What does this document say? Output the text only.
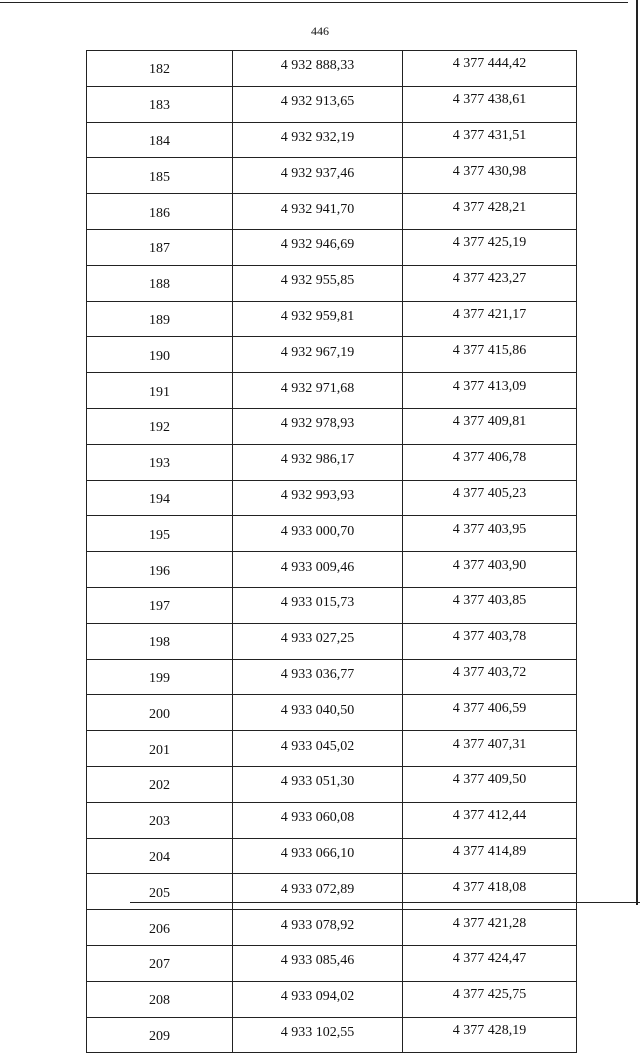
446
182	4 932 888,33	4 377 444,42
183	4 932 913,65	4 377 438,61
184	4 932 932,19	4 377 431,51
185	4 932 937,46	4 377 430,98
186	4 932 941,70	4 377 428,21
187	4 932 946,69	4 377 425,19
188	4 932 955,85	4 377 423,27
189	4 932 959,81	4 377 421,17
190	4 932 967,19	4 377 415,86
191	4 932 971,68	4 377 413,09
192	4 932 978,93	4 377 409,81
193	4 932 986,17	4 377 406,78
194	4 932 993,93	4 377 405,23
195	4 933 000,70	4 377 403,95
196	4 933 009,46	4 377 403,90
197	4 933 015,73	4 377 403,85
198	4 933 027,25	4 377 403,78
199	4 933 036,77	4 377 403,72
200	4 933 040,50	4 377 406,59
201	4 933 045,02	4 377 407,31
202	4 933 051,30	4 377 409,50
203	4 933 060,08	4 377 412,44
204	4 933 066,10	4 377 414,89
205	4 933 072,89	4 377 418,08
206	4 933 078,92	4 377 421,28
207	4 933 085,46	4 377 424,47
208	4 933 094,02	4 377 425,75
209	4 933 102,55	4 377 428,19
